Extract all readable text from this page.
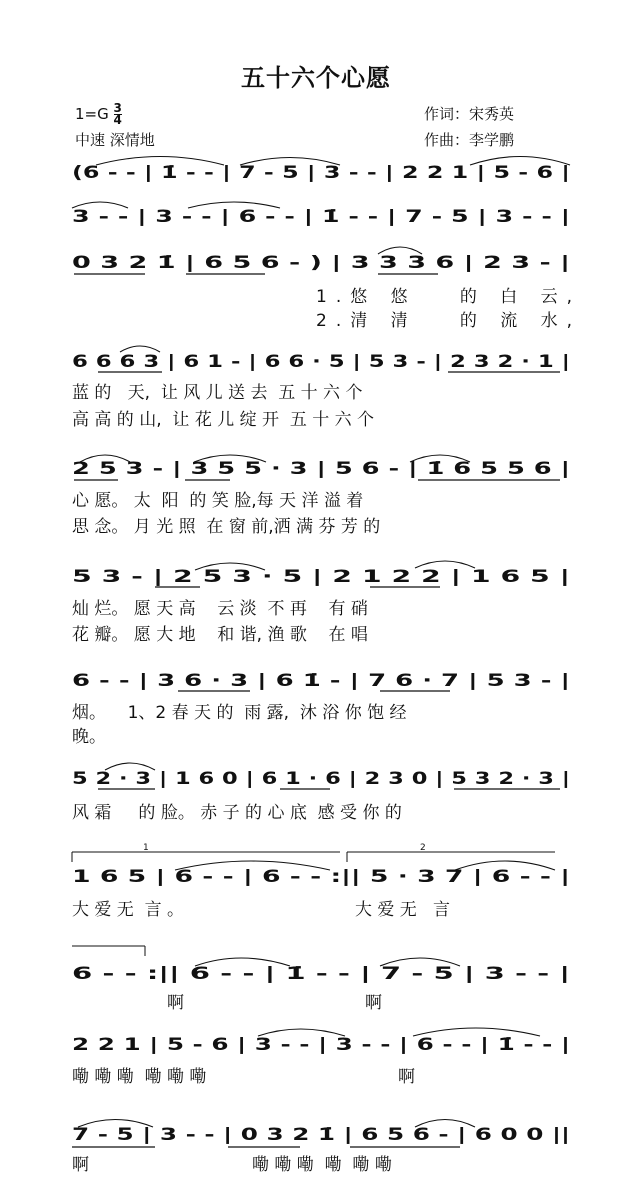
五十六个心愿
$1=G \frac{3}{4}$
中速 深情地
作词：宋秀英
作曲：李学鹏
(6 - - | 1̇ - - | 7 - 5 | 3 - - | 2 2 1 | 5 - 6 |
3 - - | 3 - - | 6 - - | 1̇ - - | 7 - 5 | 3 - - |
0 3 2 1̇ | 6 5 6 - ) | 3 3 3 6 | 2 3 - |
6 6 6 3 | 6 1 - | 6 6 · 5 | 5 3 - | 2 3 2 · 1 |
2 5 3 - | 3 5 5 · 3 | 5 6 - | 1̇ 6 5 5 6 |
5 3 - | 2 5 3 · 5 | 2 1 2 2 | 1 6 5 |
6 - - | 3 6 · 3 | 6 1̇ - | 7 6 · 7 | 5 3 - |
5 2 · 3 | 1 6 0 | 6 1 · 6 | 2 3 0 | 5 3 2 · 3 |
1 6 5 | 6 - - | 6 - - :|| 5 · 3 7 | 6 - - |
6 - - :|| 6 - - | 1̇ - - | 7 - 5 | 3 - - |
2 2 1 | 5 - 6 | 3 - - | 3 - - | 6 - - | 1̇ - - |
7 - 5 | 3 - - | 0 3 2 1̇ | 6 5 6 - | 6 0 0 ||
1	2
1.悠 悠   的 白 云,
2.清 清   的 流 水,
蓝 的   天,  让 风 儿 送 去  五 十 六 个
高 高 的 山,  让 花 儿 绽 开  五 十 六 个
心 愿。 太  阳  的 笑 脸,每 天 洋 溢 着
思 念。 月 光 照  在 窗 前,洒 满 芬 芳 的
灿 烂。 愿 天 高    云 淡  不 再    有 硝
花 瓣。 愿 大 地    和 谐, 渔 歌    在 唱
烟。    1、2 春 天 的  雨 露,  沐 浴 你 饱 经
晚。
风 霜     的 脸。 赤 子 的 心 底  感 受 你 的
大 爱 无  言 。	大 爱 无   言
啊	啊
嘞 嘞 嘞  嘞 嘞 嘞	啊
啊	嘞 嘞 嘞  嘞  嘞 嘞
